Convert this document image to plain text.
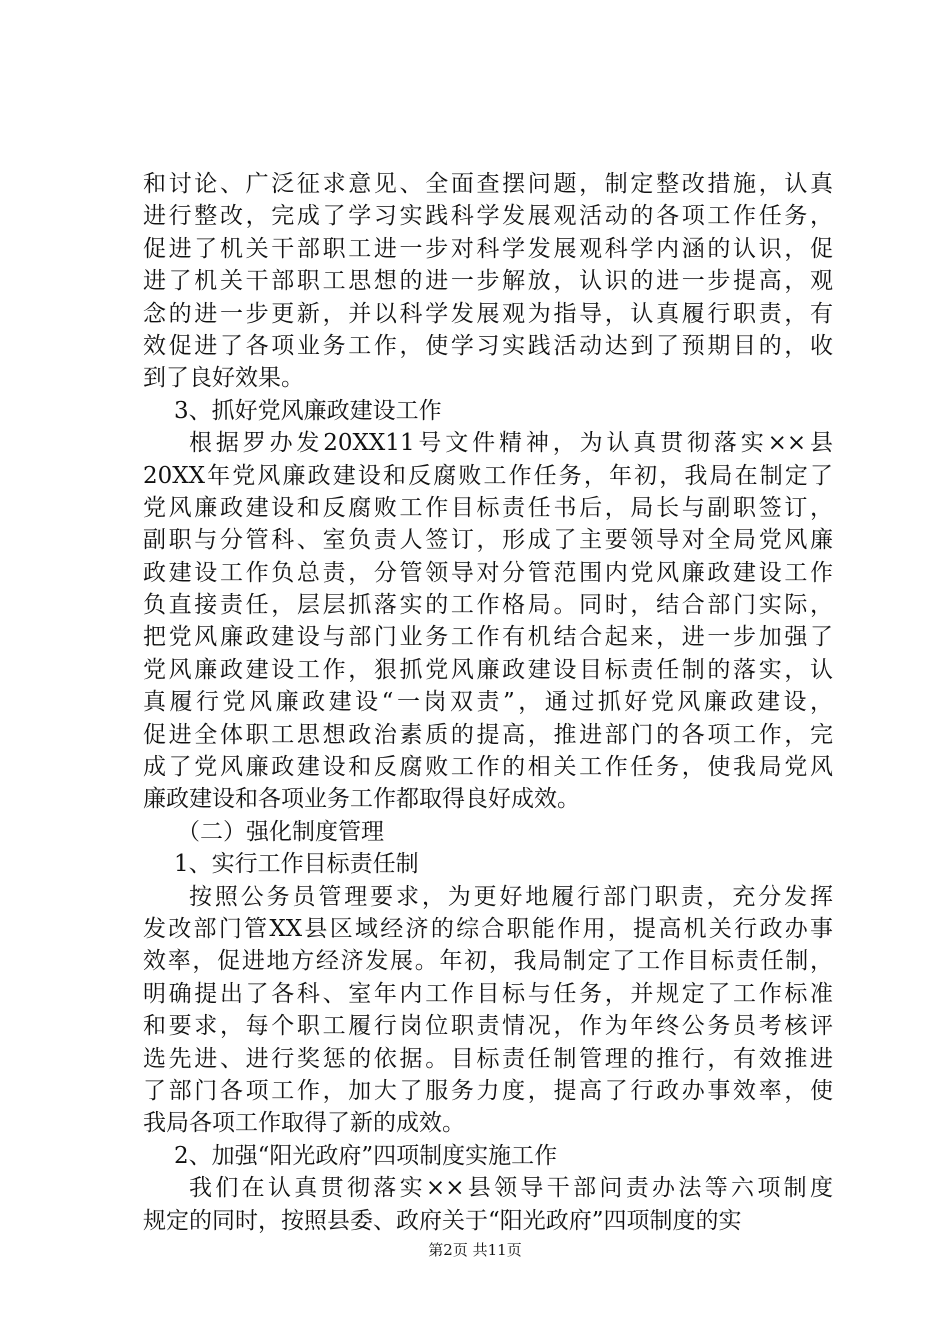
和讨论、广泛征求意见、全面查摆问题，制定整改措施，认真
进行整改，完成了学习实践科学发展观活动的各项工作任务，
促进了机关干部职工进一步对科学发展观科学内涵的认识，促
进了机关干部职工思想的进一步解放，认识的进一步提高，观
念的进一步更新，并以科学发展观为指导，认真履行职责，有
效促进了各项业务工作，使学习实践活动达到了预期目的，收
到了良好效果。
3、抓好党风廉政建设工作
根据罗办发20XX11号文件精神，为认真贯彻落实××县
20XX年党风廉政建设和反腐败工作任务，年初，我局在制定了
党风廉政建设和反腐败工作目标责任书后，局长与副职签订，
副职与分管科、室负责人签订，形成了主要领导对全局党风廉
政建设工作负总责，分管领导对分管范围内党风廉政建设工作
负直接责任，层层抓落实的工作格局。同时，结合部门实际，
把党风廉政建设与部门业务工作有机结合起来，进一步加强了
党风廉政建设工作，狠抓党风廉政建设目标责任制的落实，认
真履行党风廉政建设“一岗双责”，通过抓好党风廉政建设，
促进全体职工思想政治素质的提高，推进部门的各项工作，完
成了党风廉政建设和反腐败工作的相关工作任务，使我局党风
廉政建设和各项业务工作都取得良好成效。
（二）强化制度管理
1、实行工作目标责任制
按照公务员管理要求，为更好地履行部门职责，充分发挥
发改部门管XX县区域经济的综合职能作用，提高机关行政办事
效率，促进地方经济发展。年初，我局制定了工作目标责任制，
明确提出了各科、室年内工作目标与任务，并规定了工作标准
和要求，每个职工履行岗位职责情况，作为年终公务员考核评
选先进、进行奖惩的依据。目标责任制管理的推行，有效推进
了部门各项工作，加大了服务力度，提高了行政办事效率，使
我局各项工作取得了新的成效。
2、加强“阳光政府”四项制度实施工作
我们在认真贯彻落实××县领导干部问责办法等六项制度
规定的同时，按照县委、政府关于“阳光政府”四项制度的实
第2页 共11页
